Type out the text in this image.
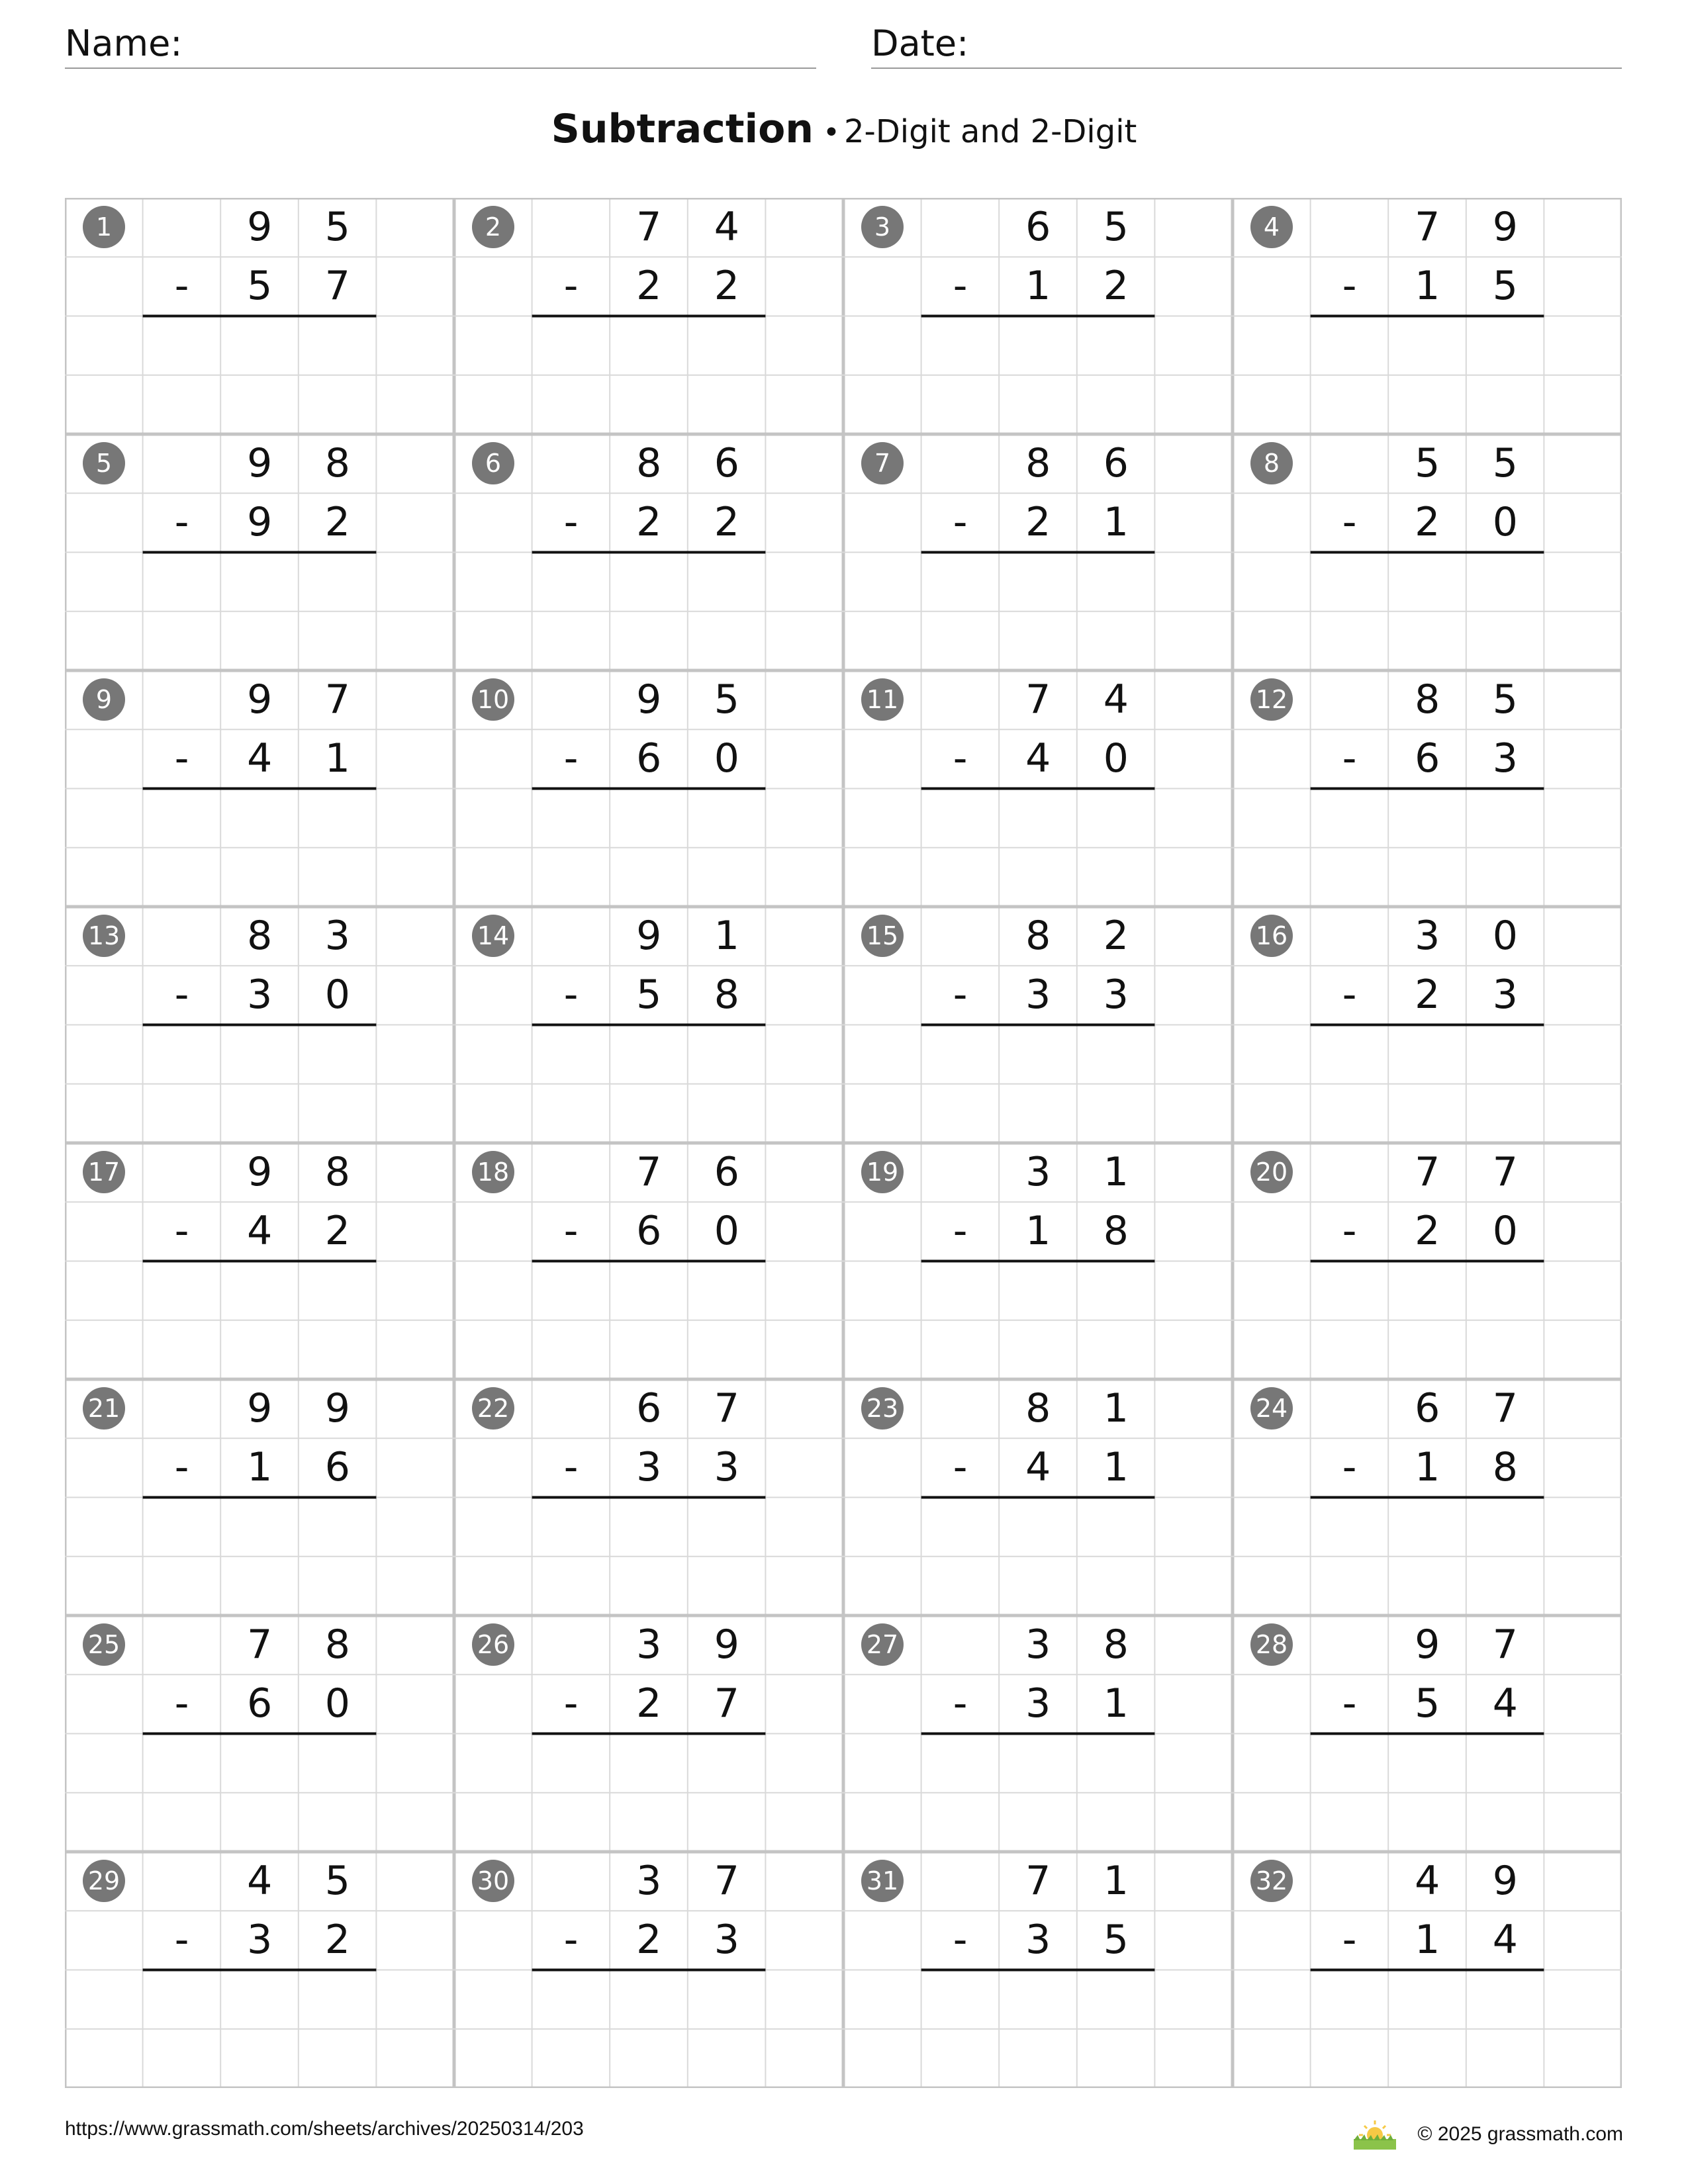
Name:	Date:
Subtraction • 2-Digit and 2-Digit
1	9	5
-	5	7
2	7	4
-	2	2
3	6	5
-	1	2
4	7	9
-	1	5
5	9	8
-	9	2
6	8	6
-	2	2
7	8	6
-	2	1
8	5	5
-	2	0
9	9	7
-	4	1
10	9	5
-	6	0
11	7	4
-	4	0
12	8	5
-	6	3
13	8	3
-	3	0
14	9	1
-	5	8
15	8	2
-	3	3
16	3	0
-	2	3
17	9	8
-	4	2
18	7	6
-	6	0
19	3	1
-	1	8
20	7	7
-	2	0
21	9	9
-	1	6
22	6	7
-	3	3
23	8	1
-	4	1
24	6	7
-	1	8
25	7	8
-	6	0
26	3	9
-	2	7
27	3	8
-	3	1
28	9	7
-	5	4
29	4	5
-	3	2
30	3	7
-	2	3
31	7	1
-	3	5
32	4	9
-	1	4
https://www.grassmath.com/sheets/archives/20250314/203	© 2025 grassmath.com
